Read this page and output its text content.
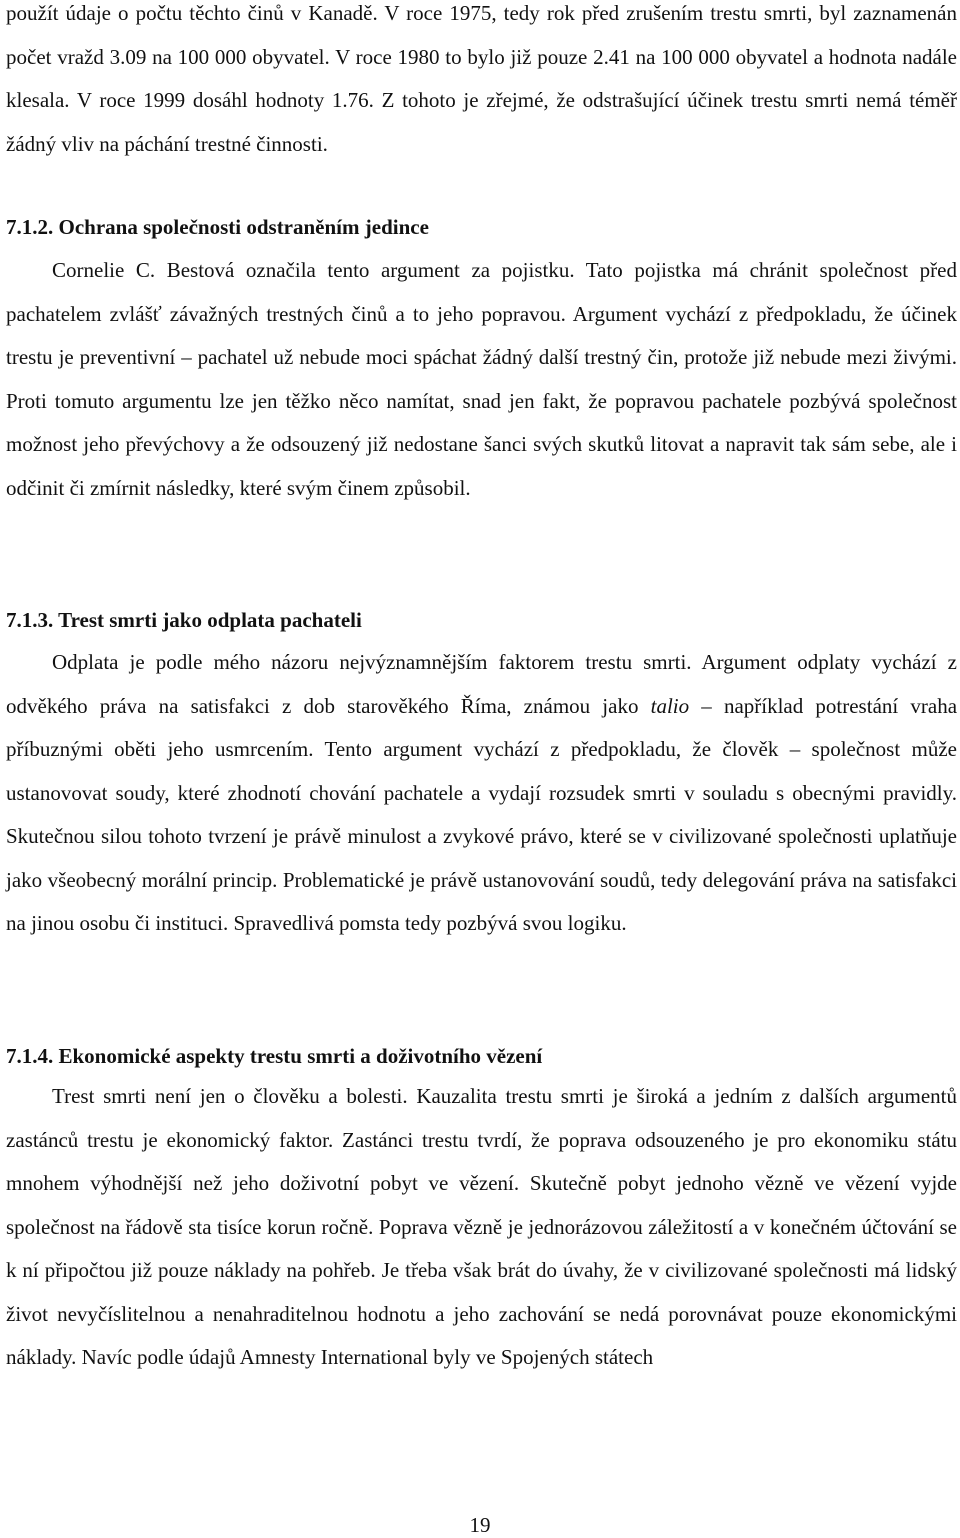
použít údaje o počtu těchto činů v Kanadě. V roce 1975, tedy rok před zrušením trestu smrti, byl zaznamenán počet vražd 3.09 na 100 000 obyvatel. V roce 1980 to bylo již pouze 2.41 na 100 000 obyvatel a hodnota nadále klesala. V roce 1999 dosáhl hodnoty 1.76. Z tohoto je zřejmé, že odstrašující účinek trestu smrti nemá téměř žádný vliv na páchání trestné činnosti.

7.1.2. Ochrana společnosti odstraněním jedince

Cornelie C. Bestová označila tento argument za pojistku. Tato pojistka má chránit společnost před pachatelem zvlášť závažných trestných činů a to jeho popravou. Argument vychází z předpokladu, že účinek trestu je preventivní – pachatel už nebude moci spáchat žádný další trestný čin, protože již nebude mezi živými. Proti tomuto argumentu lze jen těžko něco namítat, snad jen fakt, že popravou pachatele pozbývá společnost možnost jeho převýchovy a že odsouzený již nedostane šanci svých skutků litovat a napravit tak sám sebe, ale i odčinit či zmírnit následky, které svým činem způsobil.

7.1.3. Trest smrti jako odplata pachateli

Odplata je podle mého názoru nejvýznamnějším faktorem trestu smrti. Argument odplaty vychází z odvěkého práva na satisfakci z dob starověkého Říma, známou jako talio – například potrestání vraha příbuznými oběti jeho usmrcením. Tento argument vychází z předpokladu, že člověk – společnost může ustanovovat soudy, které zhodnotí chování pachatele a vydají rozsudek smrti v souladu s obecnými pravidly. Skutečnou silou tohoto tvrzení je právě minulost a zvykové právo, které se v civilizované společnosti uplatňuje jako všeobecný morální princip. Problematické je právě ustanovování soudů, tedy delegování práva na satisfakci na jinou osobu či instituci. Spravedlivá pomsta tedy pozbývá svou logiku.

7.1.4. Ekonomické aspekty trestu smrti a doživotního vězení

Trest smrti není jen o člověku a bolesti. Kauzalita trestu smrti je široká a jedním z dalších argumentů zastánců trestu je ekonomický faktor. Zastánci trestu tvrdí, že poprava odsouzeného je pro ekonomiku státu mnohem výhodnější než jeho doživotní pobyt ve vězení. Skutečně pobyt jednoho vězně ve vězení vyjde společnost na řádově sta tisíce korun ročně. Poprava vězně je jednorázovou záležitostí a v konečném účtování se k ní připočtou již pouze náklady na pohřeb. Je třeba však brát do úvahy, že v civilizované společnosti má lidský život nevyčíslitelnou a nenahraditelnou hodnotu a jeho zachování se nedá porovnávat pouze ekonomickými náklady. Navíc podle údajů Amnesty International byly ve Spojených státech

19
